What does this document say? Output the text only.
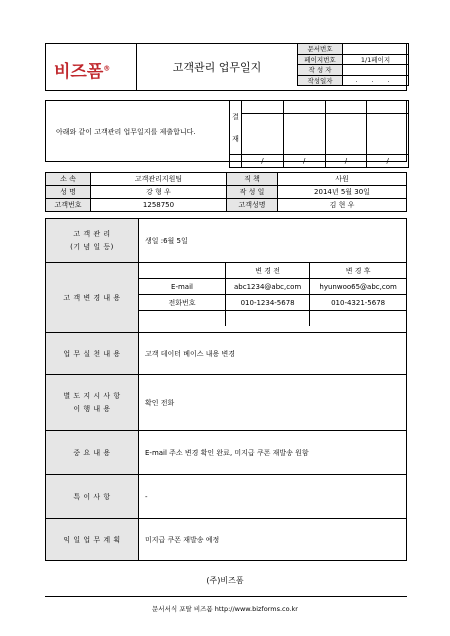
비즈폼®	고객관리 업무일지
문서번호	
페이지번호	1/1페이지
작 성 자	
작성일자	. . .
아래와 같이 고객관리 업무일지를 제출합니다.
결
재				

	/	/	/	/
소 속	고객관리지원팀	직 책	사원
성 명	강 형 우	작 성 일	2014년 5월 30일
고객번호	1258750	고객성명	김 현 우
고 객 관 리
(기 념 일 등)
	생일 :6월 5일
고 객 변 경 내 용	
	변 경 전	변 경 후
E-mail	abc1234@abc,com	hyunwoo65@abc,com
전화번호	010-1234-5678	010-4321-5678

업 무 실 천 내 용	고객 데이터 베이스 내용 변경

별 도 지 시 사 항
이 행 내 용
	확인 전화
중 요 내 용	E-mail 주소 변경 확인 완료, 미지급 쿠폰 재발송 원함
특 이 사 항	-
익 일 업 무 계 획	미지급 쿠폰 재발송 예정
(주)비즈폼
문서서식 포탈 비즈폼 http://www.bizforms.co.kr
